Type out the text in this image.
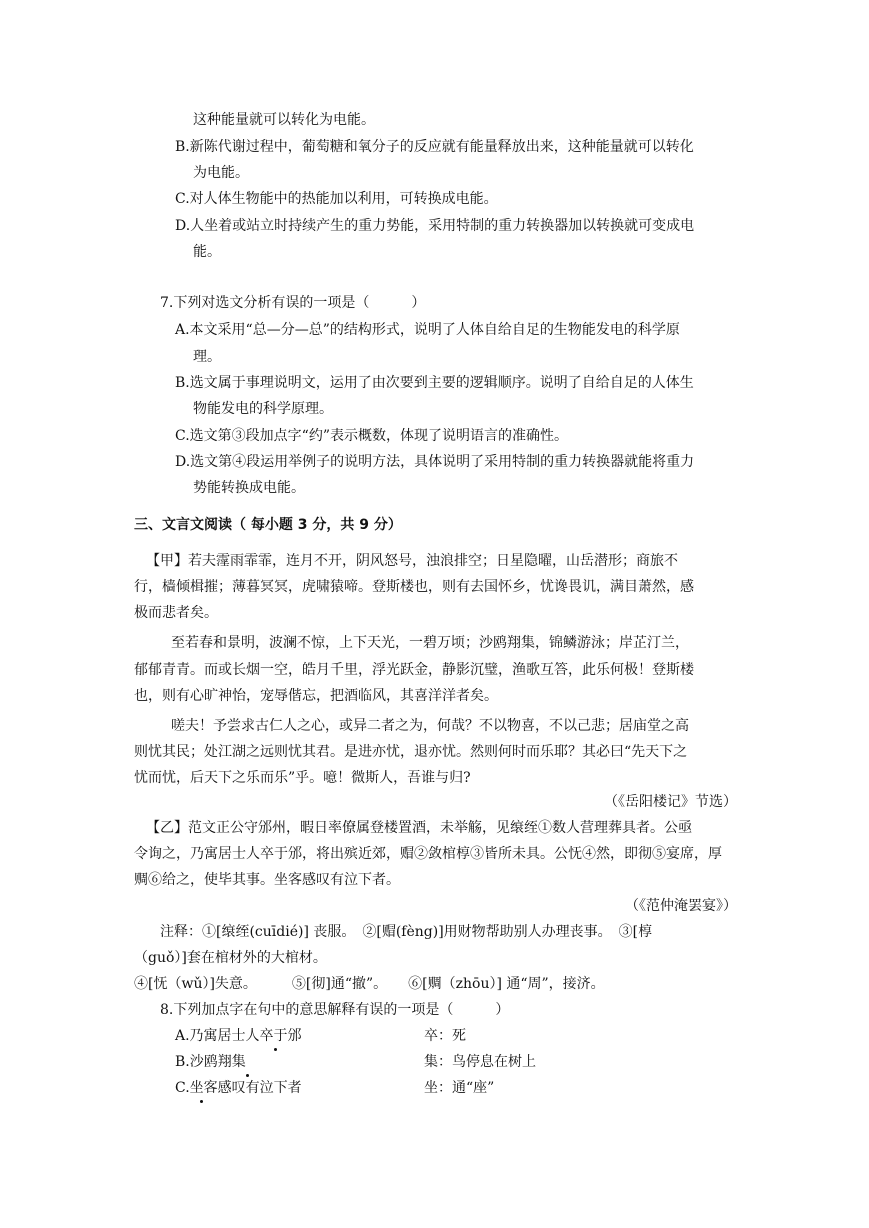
这种能量就可以转化为电能。
B.新陈代谢过程中，葡萄糖和氧分子的反应就有能量释放出来，这种能量就可以转化
为电能。
C.对人体生物能中的热能加以利用，可转换成电能。
D.人坐着或站立时持续产生的重力势能，采用特制的重力转换器加以转换就可变成电
能。
7.下列对选文分析有误的一项是（　　　）
A.本文采用“总—分—总”的结构形式，说明了人体自给自足的生物能发电的科学原
理。
B.选文属于事理说明文，运用了由次要到主要的逻辑顺序。说明了自给自足的人体生
物能发电的科学原理。
C.选文第③段加点字“约”表示概数，体现了说明语言的准确性。
D.选文第④段运用举例子的说明方法，具体说明了采用特制的重力转换器就能将重力
势能转换成电能。
三、文言文阅读（ 每小题 3 分，共 9 分）
【甲】若夫霪雨霏霏，连月不开，阴风怒号，浊浪排空；日星隐曜，山岳潜形；商旅不
行，樯倾楫摧；薄暮冥冥，虎啸猿啼。登斯楼也，则有去国怀乡，忧谗畏讥，满目萧然，感
极而悲者矣。
至若春和景明，波澜不惊，上下天光，一碧万顷；沙鸥翔集，锦鳞游泳；岸芷汀兰，
郁郁青青。而或长烟一空，皓月千里，浮光跃金，静影沉璧，渔歌互答，此乐何极！登斯楼
也，则有心旷神怡，宠辱偕忘，把酒临风，其喜洋洋者矣。
嗟夫！予尝求古仁人之心，或异二者之为，何哉？不以物喜，不以己悲；居庙堂之高
则忧其民；处江湖之远则忧其君。是进亦忧，退亦忧。然则何时而乐耶？其必曰“先天下之
忧而忧，后天下之乐而乐”乎。噫！微斯人，吾谁与归?
（《岳阳楼记》节选）
【乙】范文正公守邠州，暇日率僚属登楼置酒，未举觞，见缞绖①数人营理葬具者。公亟
令询之，乃寓居士人卒于邠，将出殡近郊，赗②敛棺椁③皆所未具。公怃④然，即彻⑤宴席，厚
赒⑥给之，使毕其事。坐客感叹有泣下者。
（《范仲淹罢宴》）
注释：①[缞绖(cuīdié)] 丧服。　②[赗(fèng)]用财物帮助别人办理丧事。　③[椁
（guǒ）]套在棺材外的大棺材。
④[怃（wǔ）]失意。　　　⑤[彻]通“撤”。　　⑥[赒（zhōu）] 通“周”，接济。
8.下列加点字在句中的意思解释有误的一项是（　　　）
A.乃寓居士人卒于邠	卒：死
B.沙鸥翔集	集：鸟停息在树上
C.坐客感叹有泣下者	坐：通“座”
